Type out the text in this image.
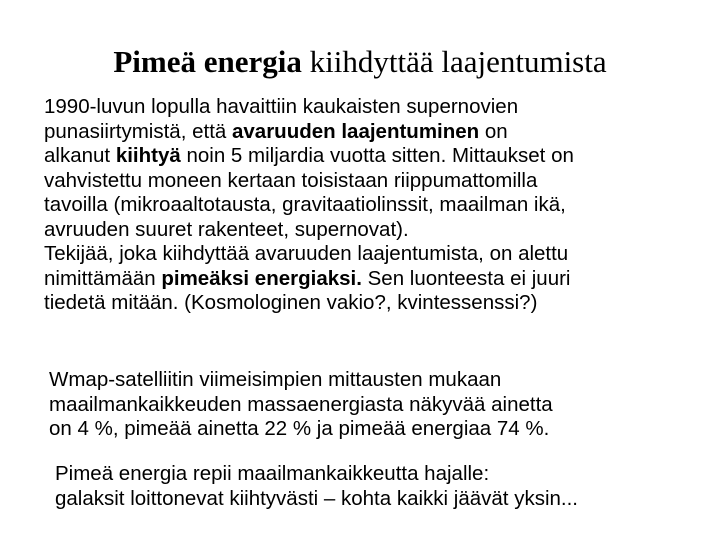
Pimeä energia kiihdyttää laajentumista
1990-luvun lopulla havaittiin kaukaisten supernovien
punasiirtymistä, että avaruuden laajentuminen on
alkanut kiihtyä noin 5 miljardia vuotta sitten. Mittaukset on
vahvistettu moneen kertaan toisistaan riippumattomilla
tavoilla (mikroaaltotausta, gravitaatiolinssit, maailman ikä,
avruuden suuret rakenteet, supernovat).
Tekijää, joka kiihdyttää avaruuden laajentumista, on alettu
nimittämään pimeäksi energiaksi. Sen luonteesta ei juuri
tiedetä mitään. (Kosmologinen vakio?, kvintessenssi?)
Wmap-satelliitin viimeisimpien mittausten mukaan
maailmankaikkeuden massaenergiasta näkyvää ainetta
on 4 %, pimeää ainetta 22 % ja pimeää energiaa 74 %.
Pimeä energia repii maailmankaikkeutta hajalle:
galaksit loittonevat kiihtyvästi – kohta kaikki jäävät yksin...
